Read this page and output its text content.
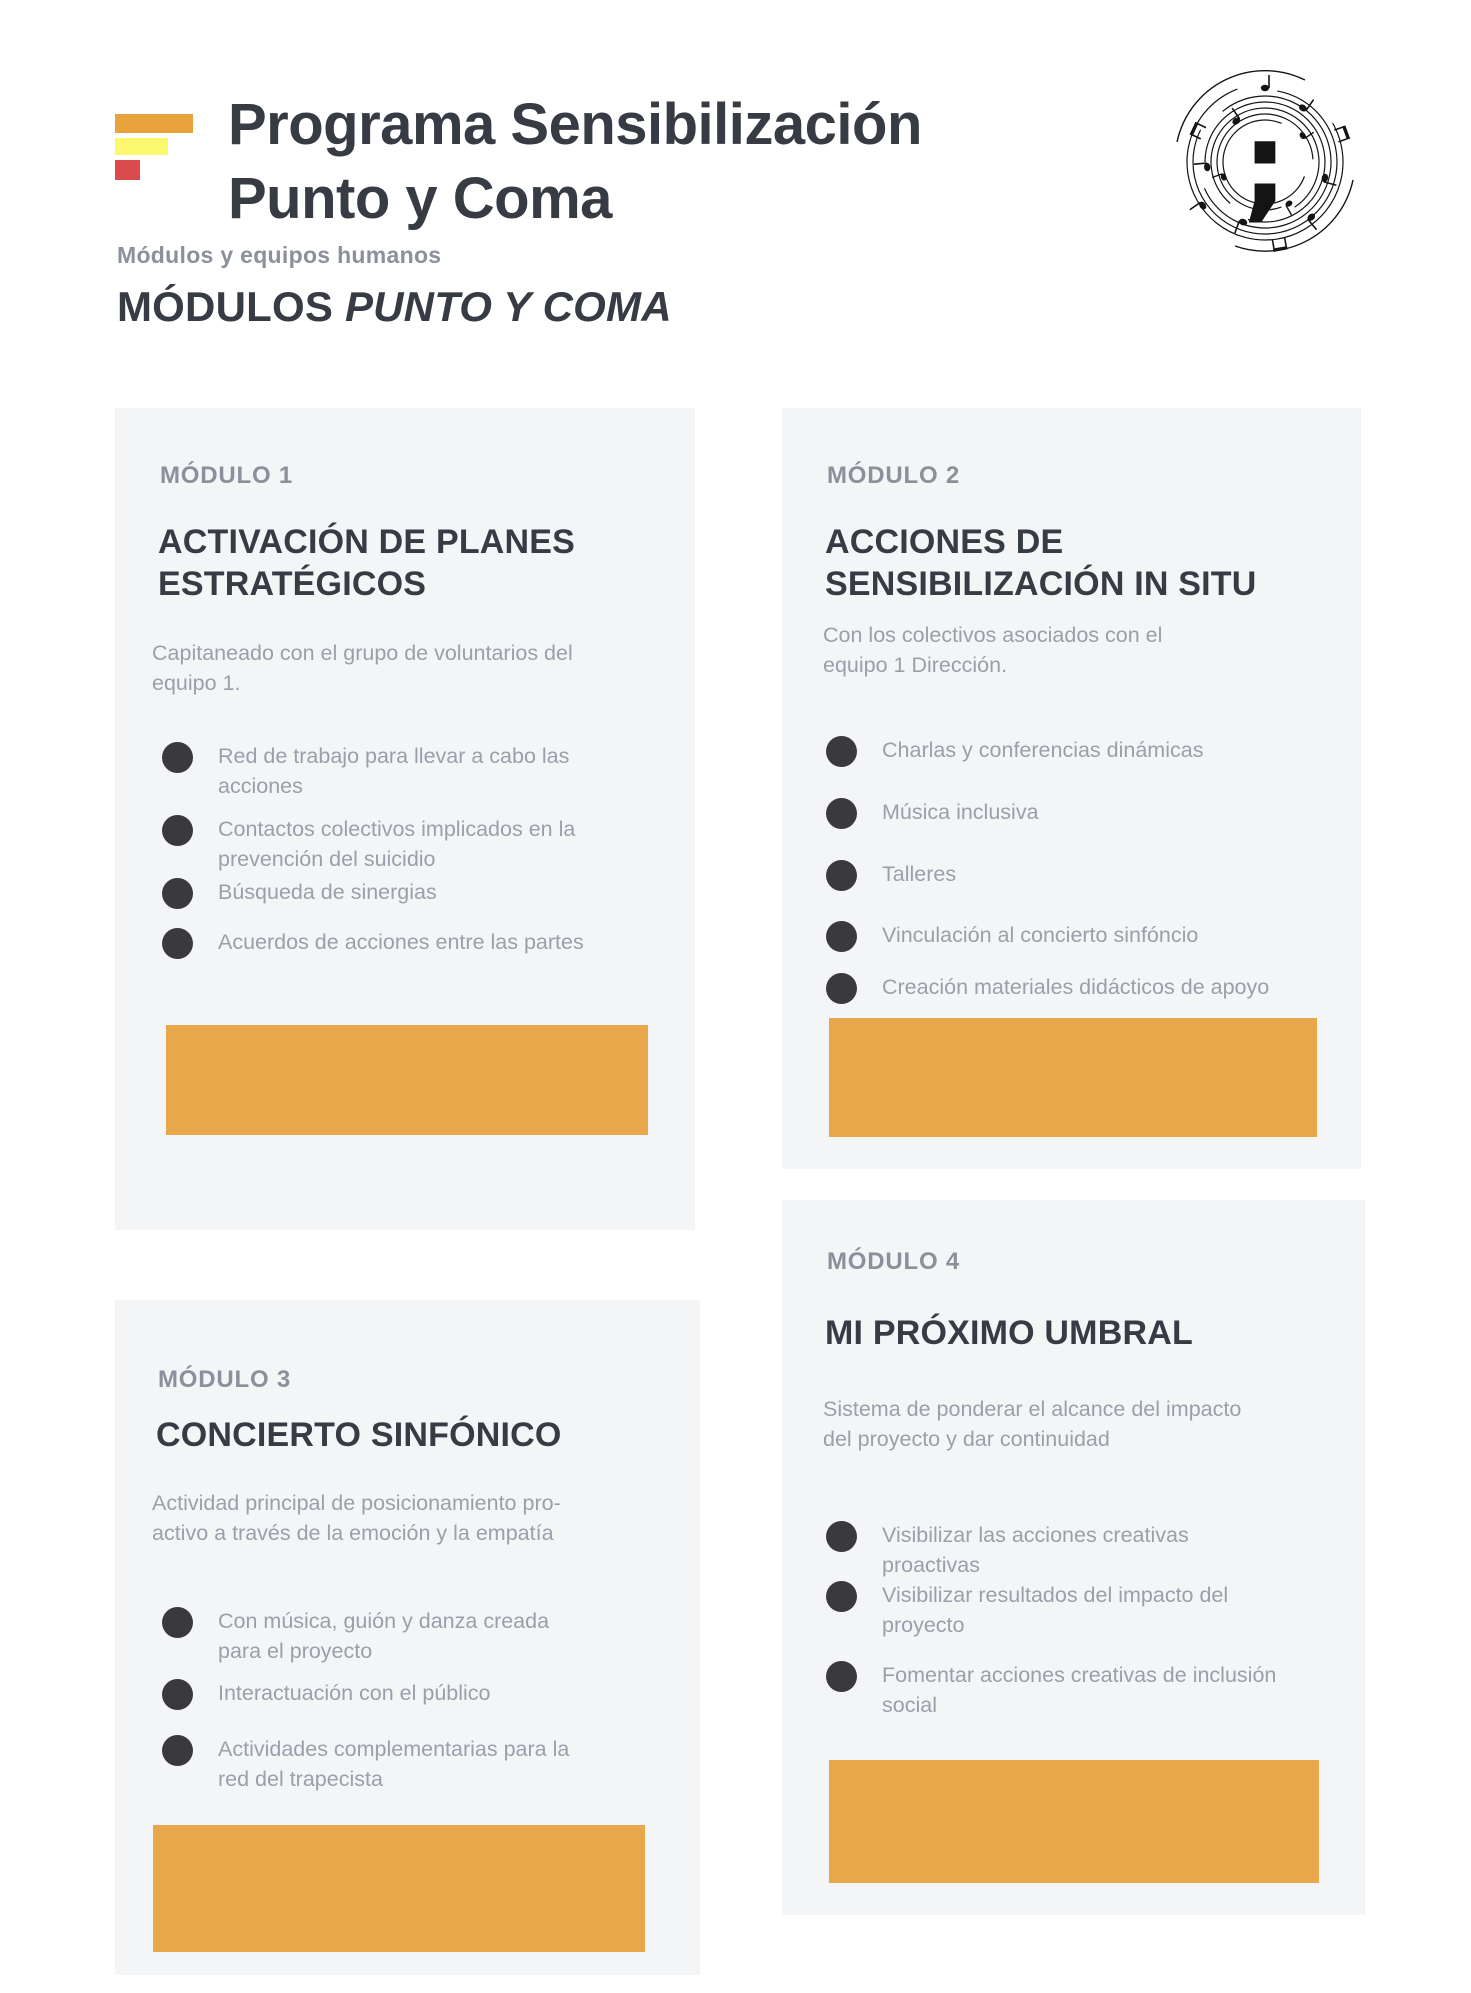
Programa Sensibilización
Punto y Coma	;
Módulos y equipos humanos
MÓDULOS PUNTO Y COMA
MÓDULO 1
ACTIVACIÓN DE PLANES ESTRATÉGICOS
Capitaneado con el grupo de voluntarios del equipo 1.
Red de trabajo para llevar a cabo las acciones
Contactos colectivos implicados en la prevención del suicidio
Búsqueda de sinergias
Acuerdos de acciones entre las partes
MÓDULO 2
ACCIONES DE SENSIBILIZACIÓN IN SITU
Con los colectivos asociados con el equipo 1 Dirección.
Charlas y conferencias dinámicas
Música inclusiva
Talleres
Vinculación al concierto sinfóncio
Creación materiales didácticos de apoyo
MÓDULO 3
CONCIERTO SINFÓNICO
Actividad principal de posicionamiento pro-activo a través de la emoción y la empatía
Con música, guión y danza creada para el proyecto
Interactuación con el público
Actividades complementarias para la red del trapecista
MÓDULO 4
MI PRÓXIMO UMBRAL
Sistema de ponderar el alcance del impacto del proyecto y dar continuidad
Visibilizar las acciones creativas proactivas
Visibilizar resultados del impacto del proyecto
Fomentar acciones creativas de inclusión social
